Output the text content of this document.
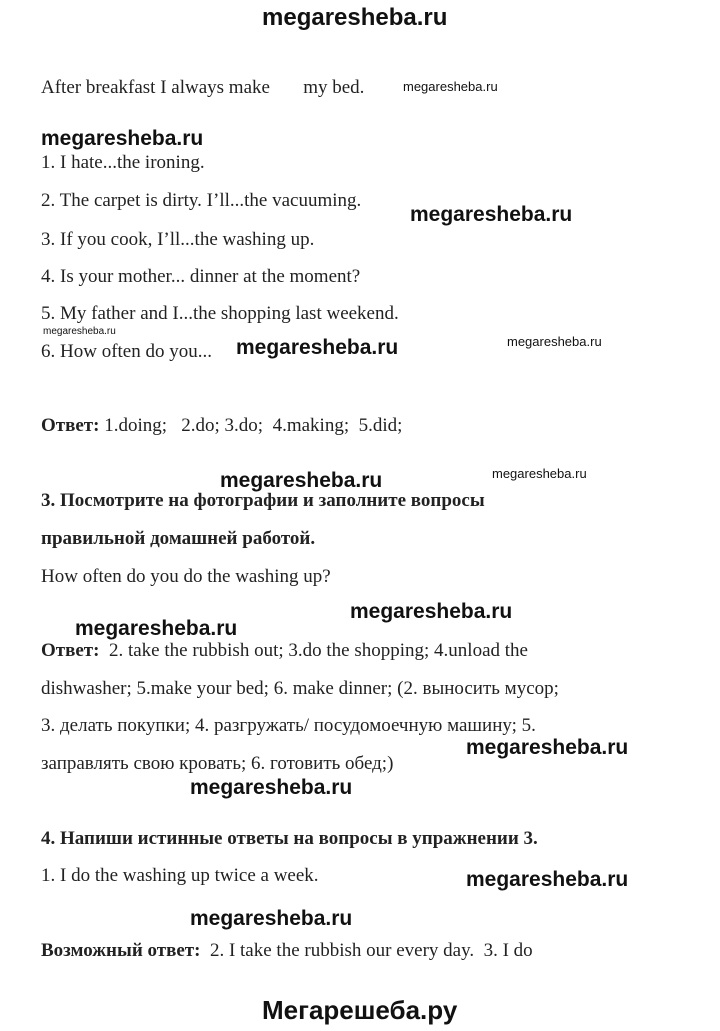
megaresheba.ru
After breakfast I always make       my bed.	megaresheba.ru
megaresheba.ru
1. I hate...the ironing.
2. The carpet is dirty. I’ll...the vacuuming.
megaresheba.ru
3. If you cook, I’ll...the washing up.
4. Is your mother... dinner at the moment?
5. My father and I...the shopping last weekend.
megaresheba.ru
6. How often do you... megaresheba.ru	megaresheba.ru
Ответ: 1.doing;   2.do; 3.do;  4.making;  5.did;
megaresheba.ru	megaresheba.ru
3. Посмотрите на фотографии и заполните вопросы
правильной домашней работой.
How often do you do the washing up?
megaresheba.ru
megaresheba.ru
Ответ:  2. take the rubbish out; 3.do the shopping; 4.unload the
dishwasher; 5.make your bed; 6. make dinner; (2. выносить мусор;
3. делать покупки; 4. разгружать/ посудомоечную машину; 5.
megaresheba.ru
заправлять свою кровать; 6. готовить обед;)
megaresheba.ru
4. Напиши истинные ответы на вопросы в упражнении 3.
1. I do the washing up twice a week.	megaresheba.ru
megaresheba.ru
Возможный ответ:  2. I take the rubbish our every day.  3. I do
Мегарешеба.ру
